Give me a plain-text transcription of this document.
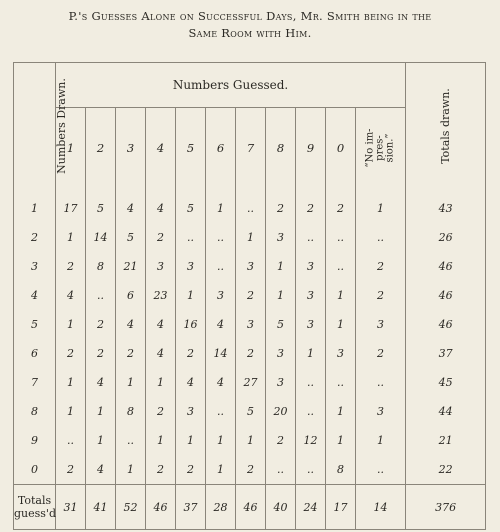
P.'s Guesses Alone on Successful Days, Mr. Smith being in the
Same Room with Him.
Numbers Drawn.	Numbers Guessed.											Totals drawn.
	1	2	3	4	5	6	7	8	9	0	“No im- pres- sion.”	

1	17	5	4	4	5	1	..	2	2	2	1	43
2	1	14	5	2	..	..	1	3	..	..	..	26
3	2	8	21	3	3	..	3	1	3	..	2	46
4	4	..	6	23	1	3	2	1	3	1	2	46
5	1	2	4	4	16	4	3	5	3	1	3	46
6	2	2	2	4	2	14	2	3	1	3	2	37
7	1	4	1	1	4	4	27	3	..	..	..	45
8	1	1	8	2	3	..	5	20	..	1	3	44
9	..	1	..	1	1	1	1	2	12	1	1	21
0	2	4	1	2	2	1	2	..	..	8	..	22

Totals
guess'd	31	41	52	46	37	28	46	40	24	17	14	376
